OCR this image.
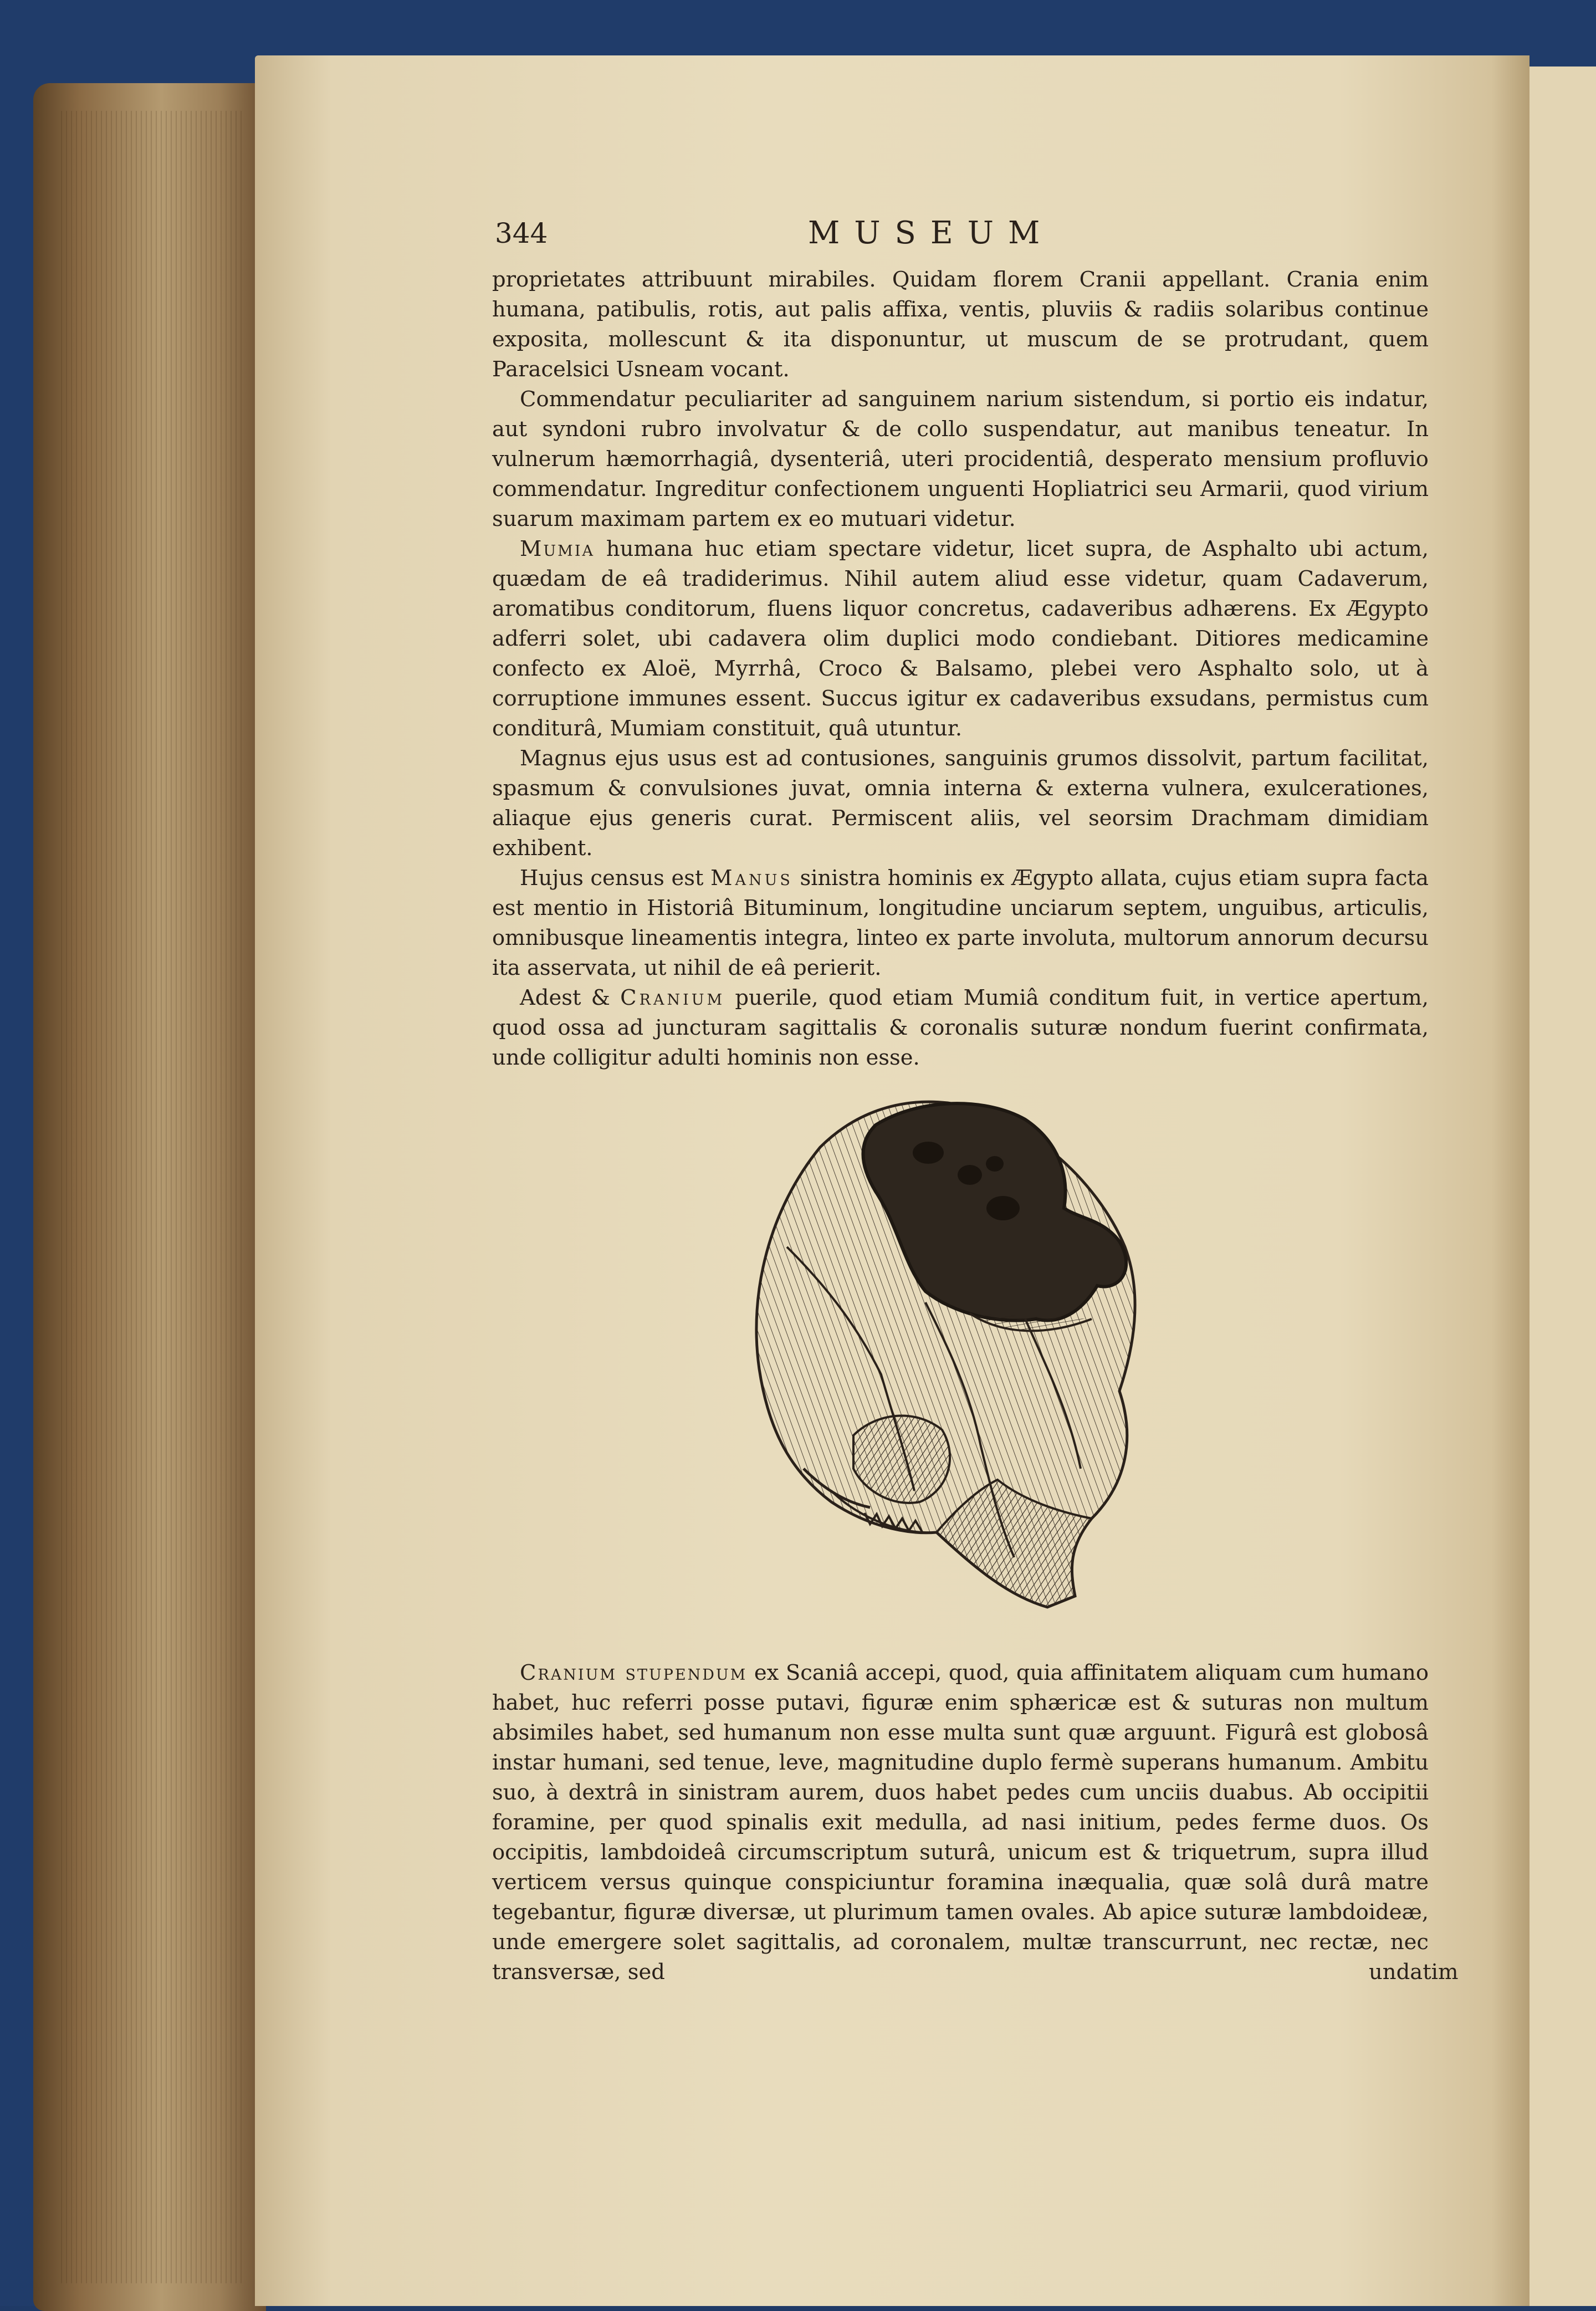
344	MUSEUM

proprietates attribuunt mirabiles. Quidam florem Cranii appellant. Crania enim humana, patibulis, rotis, aut palis affixa, ventis, pluviis & radiis solaribus continue exposita, mollescunt & ita disponuntur, ut muscum de se protrudant, quem Paracelsici Usneam vocant.

Commendatur peculiariter ad sanguinem narium sistendum, si portio eis indatur, aut syndoni rubro involvatur & de collo suspendatur, aut manibus teneatur. In vulnerum hæmorrhagiâ, dysenteriâ, uteri procidentiâ, desperato mensium profluvio commendatur. Ingreditur confectionem unguenti Hopliatrici seu Armarii, quod virium suarum maximam partem ex eo mutuari videtur.

Mumia humana huc etiam spectare videtur, licet supra, de Asphalto ubi actum, quædam de eâ tradiderimus. Nihil autem aliud esse videtur, quam Cadaverum, aromatibus conditorum, fluens liquor concretus, cadaveribus adhærens. Ex Ægypto adferri solet, ubi cadavera olim duplici modo condiebant. Ditiores medicamine confecto ex Aloë, Myrrhâ, Croco & Balsamo, plebei vero Asphalto solo, ut à corruptione immunes essent. Succus igitur ex cadaveribus exsudans, permistus cum conditurâ, Mumiam constituit, quâ utuntur.

Magnus ejus usus est ad contusiones, sanguinis grumos dissolvit, partum facilitat, spasmum & convulsiones juvat, omnia interna & externa vulnera, exulcerationes, aliaque ejus generis curat. Permiscent aliis, vel seorsim Drachmam dimidiam exhibent.

Hujus census est Manus sinistra hominis ex Ægypto allata, cujus etiam supra facta est mentio in Historiâ Bituminum, longitudine unciarum septem, unguibus, articulis, omnibusque lineamentis integra, linteo ex parte involuta, multorum annorum decursu ita asservata, ut nihil de eâ perierit.

Adest & Cranium puerile, quod etiam Mumiâ conditum fuit, in vertice apertum, quod ossa ad juncturam sagittalis & coronalis suturæ nondum fuerint confirmata, unde colligitur adulti hominis non esse.

Cranium stupendum ex Scaniâ accepi, quod, quia affinitatem aliquam cum humano habet, huc referri posse putavi, figuræ enim sphæricæ est & suturas non multum absimiles habet, sed humanum non esse multa sunt quæ arguunt. Figurâ est globosâ instar humani, sed tenue, leve, magnitudine duplo fermè superans humanum. Ambitu suo, à dextrâ in sinistram aurem, duos habet pedes cum unciis duabus. Ab occipitii foramine, per quod spinalis exit medulla, ad nasi initium, pedes ferme duos. Os occipitis, lambdoideâ circumscriptum suturâ, unicum est & triquetrum, supra illud verticem versus quinque conspiciuntur foramina inæqualia, quæ solâ durâ matre tegebantur, figuræ diversæ, ut plurimum tamen ovales. Ab apice suturæ lambdoideæ, unde emergere solet sagittalis, ad coronalem, multæ transcurrunt, nec rectæ, nec transversæ, sed	undatim
